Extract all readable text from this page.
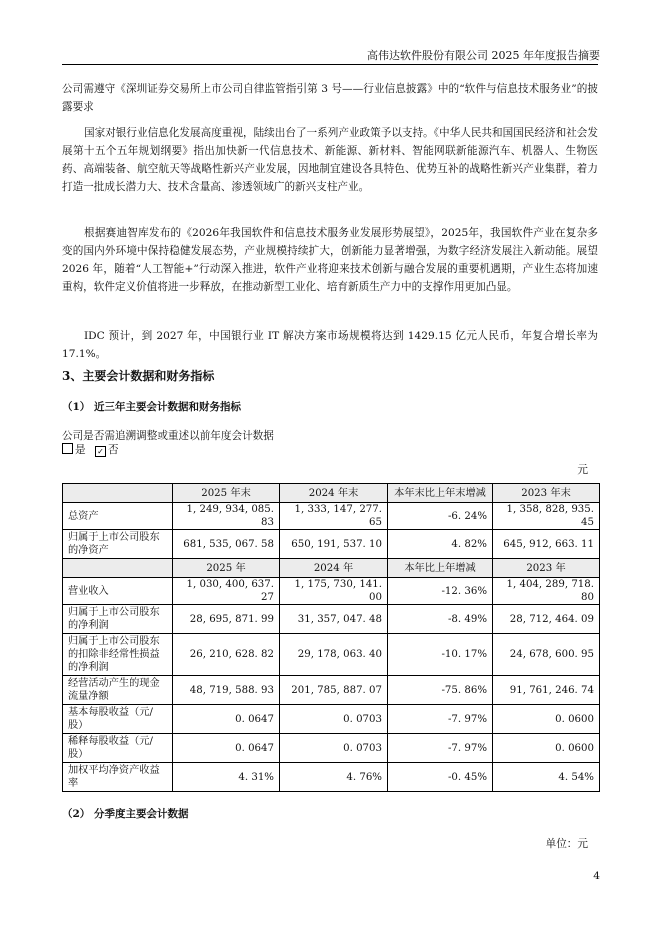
高伟达软件股份有限公司 2025 年年度报告摘要
公司需遵守《深圳证券交易所上市公司自律监管指引第 3 号——行业信息披露》中的“软件与信息技术服务业”的披露要求
国家对银行业信息化发展高度重视，陆续出台了一系列产业政策予以支持。《中华人民共和国国民经济和社会发展第十五个五年规划纲要》指出加快新一代信息技术、新能源、新材料、智能网联新能源汽车、机器人、生物医药、高端装备、航空航天等战略性新兴产业发展，因地制宜建设各具特色、优势互补的战略性新兴产业集群，着力打造一批成长潜力大、技术含量高、渗透领域广的新兴支柱产业。
根据赛迪智库发布的《2026年我国软件和信息技术服务业发展形势展望》，2025年，我国软件产业在复杂多变的国内外环境中保持稳健发展态势，产业规模持续扩大，创新能力显著增强，为数字经济发展注入新动能。展望 2026 年，随着“人工智能+”行动深入推进，软件产业将迎来技术创新与融合发展的重要机遇期，产业生态将加速重构，软件定义价值将进一步释放，在推动新型工业化、培育新质生产力中的支撑作用更加凸显。
IDC 预计，到 2027 年，中国银行业 IT 解决方案市场规模将达到 1429.15 亿元人民币，年复合增长率为 17.1%。
3、主要会计数据和财务指标
（1） 近三年主要会计数据和财务指标
公司是否需追溯调整或重述以前年度会计数据
是 ✓ 否
元
	2025 年末	2024 年末	本年末比上年末增减	2023 年末
总资产	1, 249, 934, 085. 83	1, 333, 147, 277. 65	-6. 24%	1, 358, 828, 935. 45
归属于上市公司股东的净资产	681, 535, 067. 58	650, 191, 537. 10	4. 82%	645, 912, 663. 11
	2025 年	2024 年	本年比上年增减	2023 年
营业收入	1, 030, 400, 637. 27	1, 175, 730, 141. 00	-12. 36%	1, 404, 289, 718. 80
归属于上市公司股东的净利润	28, 695, 871. 99	31, 357, 047. 48	-8. 49%	28, 712, 464. 09
归属于上市公司股东的扣除非经常性损益的净利润	26, 210, 628. 82	29, 178, 063. 40	-10. 17%	24, 678, 600. 95
经营活动产生的现金流量净额	48, 719, 588. 93	201, 785, 887. 07	-75. 86%	91, 761, 246. 74
基本每股收益（元/股）	0. 0647	0. 0703	-7. 97%	0. 0600
稀释每股收益（元/股）	0. 0647	0. 0703	-7. 97%	0. 0600
加权平均净资产收益率	4. 31%	4. 76%	-0. 45%	4. 54%
（2） 分季度主要会计数据
单位：元
4
